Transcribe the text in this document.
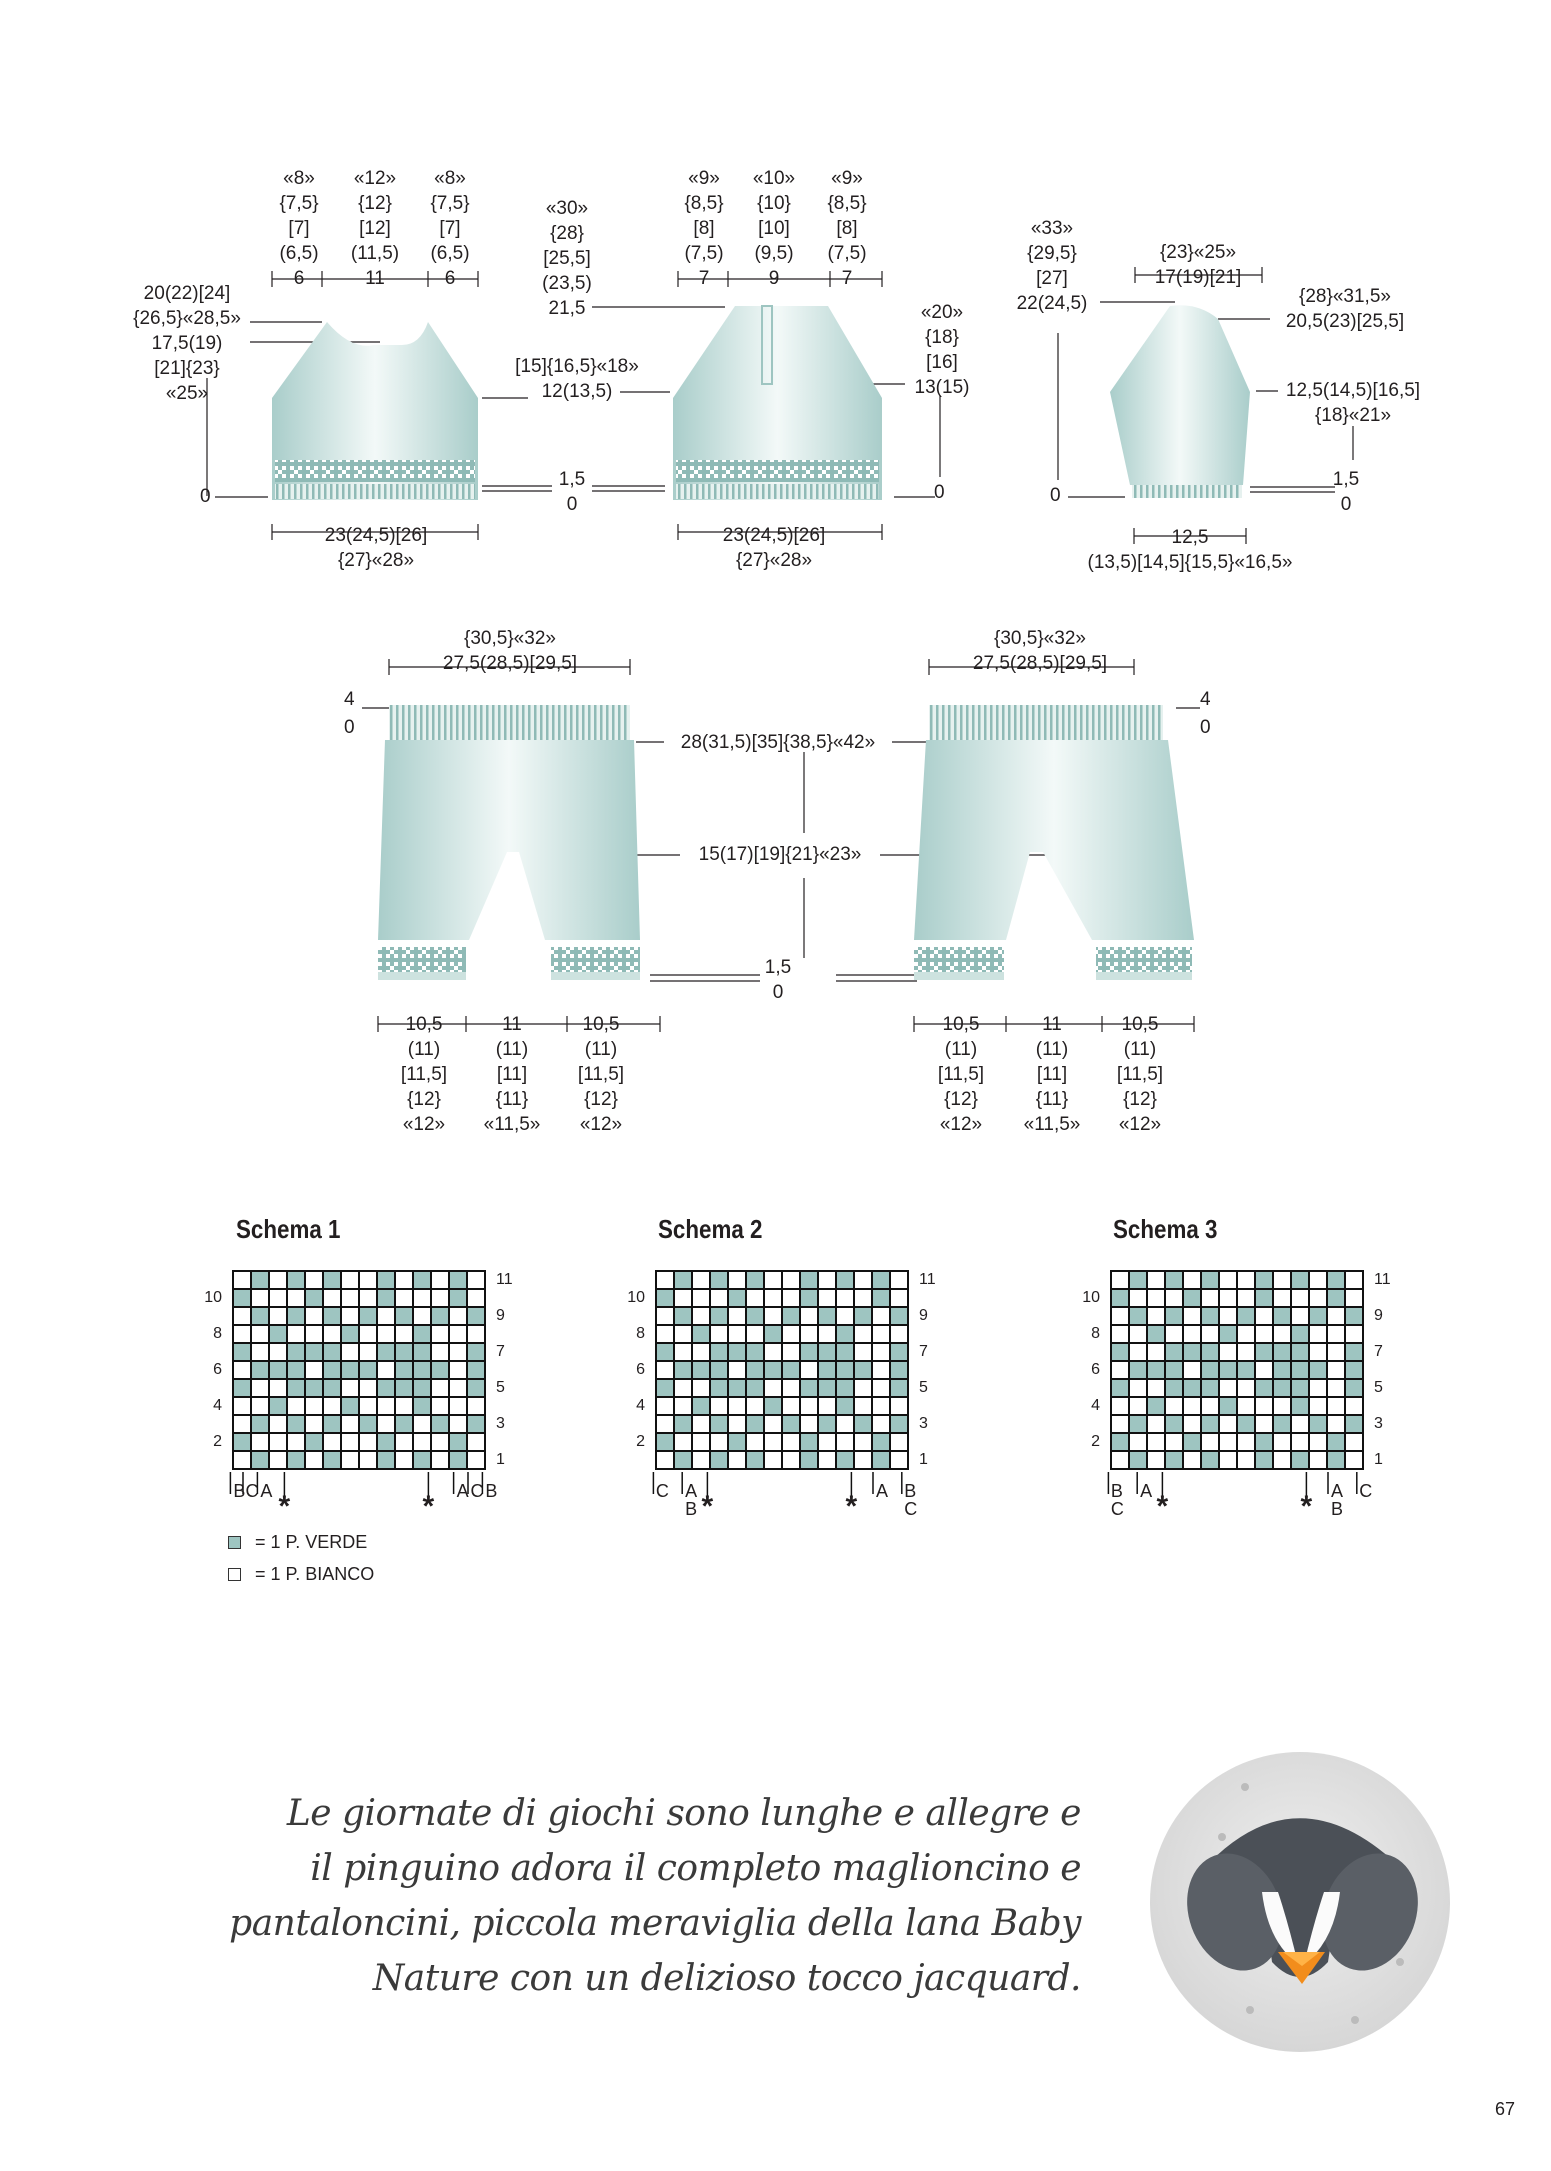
«8»
{7,5}
[7]
(6,5)
6
«12»
{12}
[12]
(11,5)
11
«8»
{7,5}
[7]
(6,5)
6
20(22)[24]
{26,5}«28,5»
17,5(19)
[21]{23}
«25»
0
23(24,5)[26]
{27}«28»
«30»
{28}
[25,5]
(23,5)
21,5
[15]{16,5}«18»
12(13,5)
1,5
0
«9»
{8,5}
[8]
(7,5)
7
«10»
{10}
[10]
(9,5)
9
«9»
{8,5}
[8]
(7,5)
7
«20»
{18}
[16]
13(15)
0
23(24,5)[26]
{27}«28»
«33»
{29,5}
[27]
22(24,5)
0
{23}«25»
17(19)[21]
{28}«31,5»
20,5(23)[25,5]
12,5(14,5)[16,5]
{18}«21»
1,5
0
12,5
(13,5)[14,5]{15,5}«16,5»
{30,5}«32»
27,5(28,5)[29,5]
{30,5}«32»
27,5(28,5)[29,5]
4
0
4
0
28(31,5)[35]{38,5}«42»
15(17)[19]{21}«23»
1,5
0
10,5
(11)
[11,5]
{12}
«12»
11
(11)
[11]
{11}
«11,5»
10,5
(11)
[11,5]
{12}
«12»
10,5
(11)
[11,5]
{12}
«12»
11
(11)
[11]
{11}
«11,5»
10,5
(11)
[11,5]
{12}
«12»
Schema 1
10
8
6
4
2
11
9
7
5
3
1
B C A *	* A C B
Schema 2
10
8
6
4
2
11
9
7
5
3
1
C A
B *	* A B
C
Schema 3
10
8
6
4
2
11
9
7
5
3
1
B
C
A *	* A
B
C
= 1 P. VERDE
= 1 P. BIANCO
Le giornate di giochi sono lunghe e allegre e
il pinguino adora il completo maglioncino e
pantaloncini, piccola meraviglia della lana Baby
Nature con un delizioso tocco jacquard.
67
